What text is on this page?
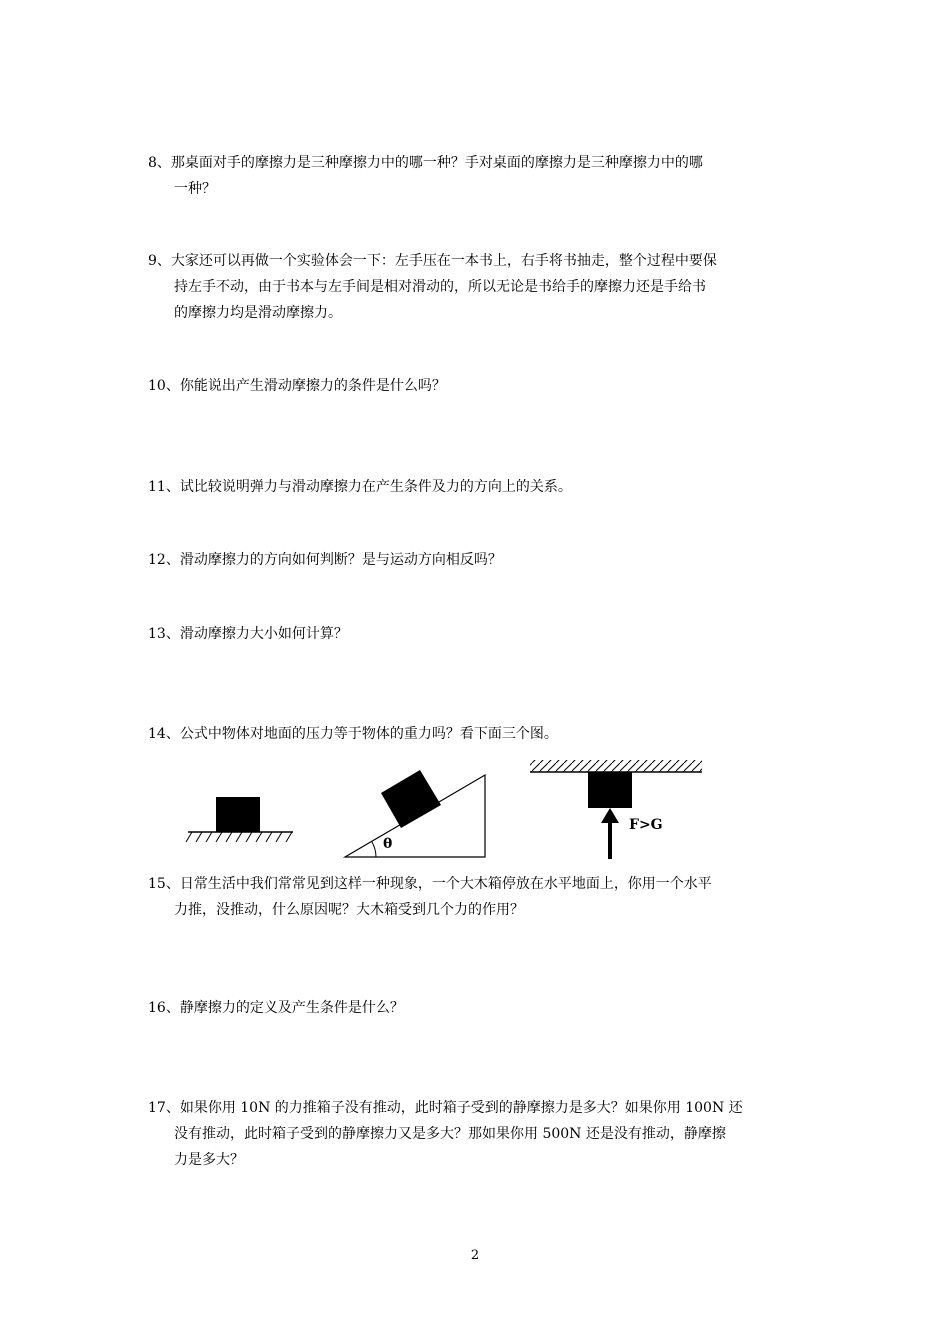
8、那桌面对手的摩擦力是三种摩擦力中的哪一种？手对桌面的摩擦力是三种摩擦力中的哪
一种？
9、大家还可以再做一个实验体会一下：左手压在一本书上，右手将书抽走，整个过程中要保
持左手不动，由于书本与左手间是相对滑动的，所以无论是书给手的摩擦力还是手给书
的摩擦力均是滑动摩擦力。
10、你能说出产生滑动摩擦力的条件是什么吗？
11、试比较说明弹力与滑动摩擦力在产生条件及力的方向上的关系。
12、滑动摩擦力的方向如何判断？是与运动方向相反吗？
13、滑动摩擦力大小如何计算？
14、公式中物体对地面的压力等于物体的重力吗？看下面三个图。
θ
F>G
15、日常生活中我们常常见到这样一种现象，一个大木箱停放在水平地面上，你用一个水平
力推，没推动，什么原因呢？大木箱受到几个力的作用？
16、静摩擦力的定义及产生条件是什么？
17、如果你用 10N 的力推箱子没有推动，此时箱子受到的静摩擦力是多大？如果你用 100N 还
没有推动，此时箱子受到的静摩擦力又是多大？那如果你用 500N 还是没有推动，静摩擦
力是多大？
2
